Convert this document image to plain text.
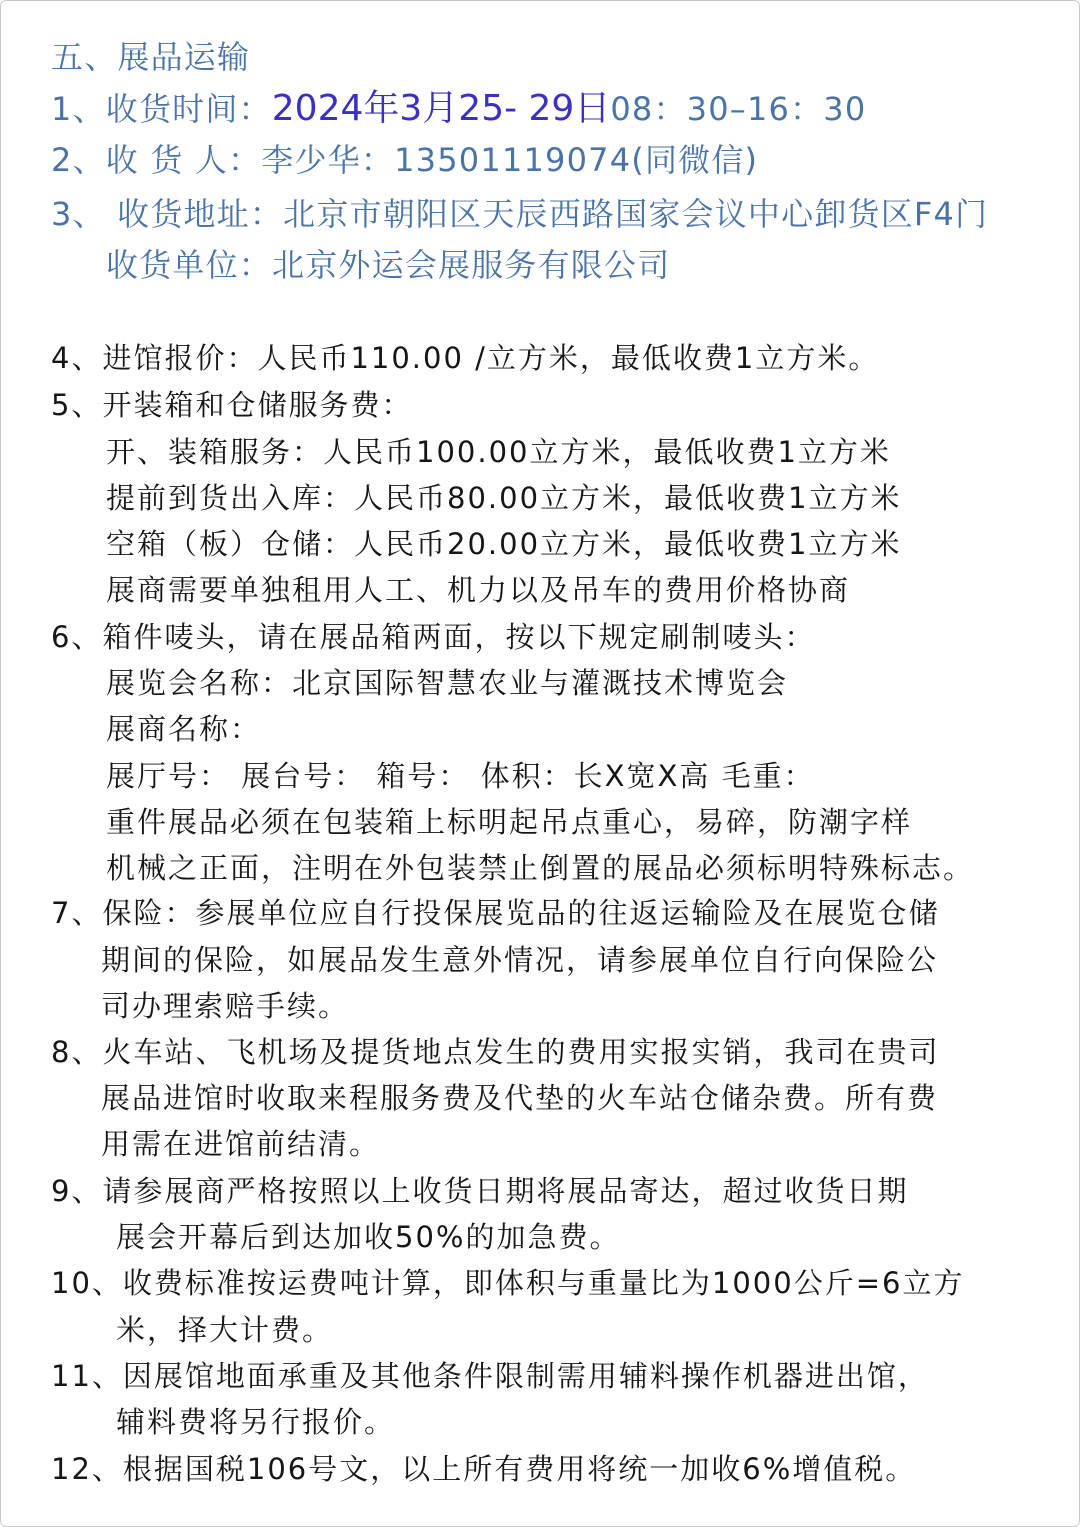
五、展品运输
1、收货时间：2024年3月25- 29日08：30–16：30
2、收 货 人：李少华：13501119074(同微信)
3、 收货地址：北京市朝阳区天辰西路国家会议中心卸货区F4门
收货单位：北京外运会展服务有限公司
4、进馆报价：人民币110.00 /立方米，最低收费1立方米。
5、开装箱和仓储服务费：
开、装箱服务：人民币100.00立方米，最低收费1立方米
提前到货出入库：人民币80.00立方米，最低收费1立方米
空箱（板）仓储：人民币20.00立方米，最低收费1立方米
展商需要单独租用人工、机力以及吊车的费用价格协商
6、箱件唛头，请在展品箱两面，按以下规定刷制唛头：
展览会名称：北京国际智慧农业与灌溉技术博览会
展商名称：
展厅号： 展台号： 箱号： 体积：长X宽X高 毛重：
重件展品必须在包装箱上标明起吊点重心，易碎，防潮字样
机械之正面，注明在外包装禁止倒置的展品必须标明特殊标志。
7、保险：参展单位应自行投保展览品的往返运输险及在展览仓储
期间的保险，如展品发生意外情况，请参展单位自行向保险公
司办理索赔手续。
8、火车站、飞机场及提货地点发生的费用实报实销，我司在贵司
展品进馆时收取来程服务费及代垫的火车站仓储杂费。所有费
用需在进馆前结清。
9、请参展商严格按照以上收货日期将展品寄达，超过收货日期
展会开幕后到达加收50%的加急费。
10、收费标准按运费吨计算，即体积与重量比为1000公斤=6立方
米，择大计费。
11、因展馆地面承重及其他条件限制需用辅料操作机器进出馆，
辅料费将另行报价。
12、根据国税106号文，以上所有费用将统一加收6%增值税。
